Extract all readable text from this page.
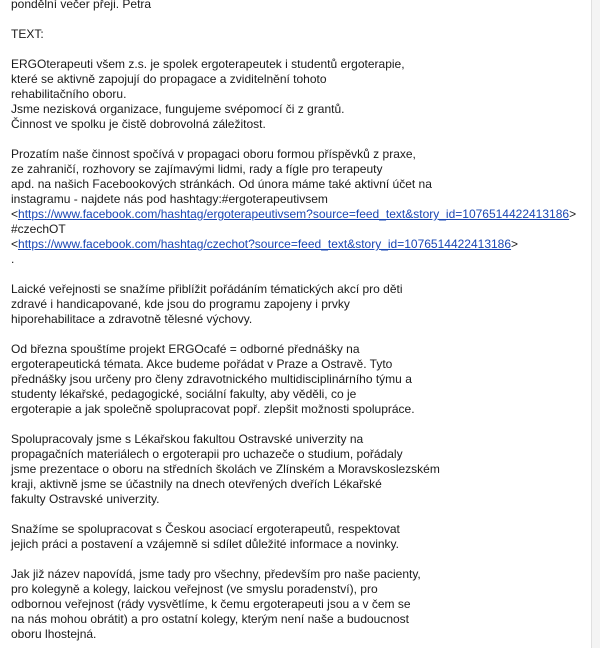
pondělní večer přeji. Petra
TEXT:
ERGOterapeuti všem z.s. je spolek ergoterapeutek i studentů ergoterapie,
které se aktivně zapojují do propagace a zviditelnění tohoto
rehabilitačního oboru.
Jsme nezisková organizace, fungujeme svépomocí či z grantů.
Činnost ve spolku je čistě dobrovolná záležitost.
Prozatím naše činnost spočívá v propagaci oboru formou příspěvků z praxe,
ze zahraničí, rozhovory se zajímavými lidmi, rady a fígle pro terapeuty
apd. na našich Facebookových stránkách. Od února máme také aktivní účet na
instagramu - najdete nás pod hashtagy:#ergoterapeutivsem
<https://www.facebook.com/hashtag/ergoterapeutivsem?source=feed_text&story_id=1076514422413186>
#czechOT
<https://www.facebook.com/hashtag/czechot?source=feed_text&story_id=1076514422413186>
.
Laické veřejnosti se snažíme přiblížit pořádáním tématických akcí pro děti
zdravé i handicapované, kde jsou do programu zapojeny i prvky
hiporehabilitace a zdravotně tělesné výchovy.
Od března spouštíme projekt ERGOcafé = odborné přednášky na
ergoterapeutická témata. Akce budeme pořádat v Praze a Ostravě. Tyto
přednášky jsou určeny pro členy zdravotnického multidisciplinárního týmu a
studenty lékařské, pedagogické, sociální fakulty, aby věděli, co je
ergoterapie a jak společně spolupracovat popř. zlepšit možnosti spolupráce.
Spolupracovaly jsme s Lékařskou fakultou Ostravské univerzity na
propagačních materiálech o ergoterapii pro uchazeče o studium, pořádaly
jsme prezentace o oboru na středních školách ve Zlínském a Moravskoslezském
kraji, aktivně jsme se účastnily na dnech otevřených dveřích Lékařské
fakulty Ostravské univerzity.
Snažíme se spolupracovat s Českou asociací ergoterapeutů, respektovat
jejich práci a postavení a vzájemně si sdílet důležité informace a novinky.
Jak již název napovídá, jsme tady pro všechny, především pro naše pacienty,
pro kolegyně a kolegy, laickou veřejnost (ve smyslu poradenství), pro
odbornou veřejnost (rády vysvětlíme, k čemu ergoterapeuti jsou a v čem se
na nás mohou obrátit) a pro ostatní kolegy, kterým není naše a budoucnost
oboru lhostejná.
